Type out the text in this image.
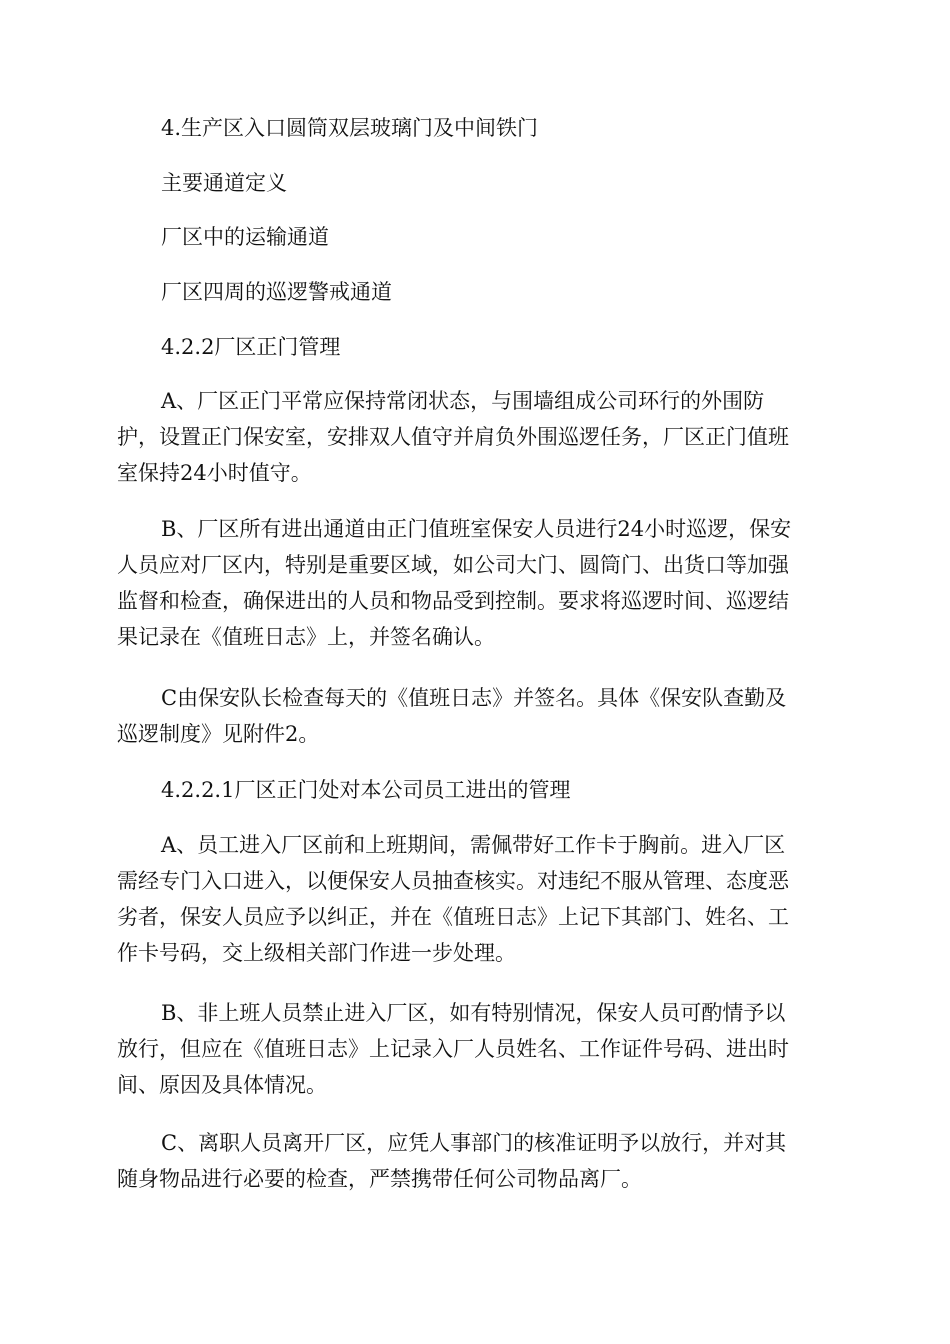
4.生产区入口圆筒双层玻璃门及中间铁门

主要通道定义

厂区中的运输通道

厂区四周的巡逻警戒通道

4.2.2厂区正门管理

A、厂区正门平常应保持常闭状态，与围墙组成公司环行的外围防
护，设置正门保安室，安排双人值守并肩负外围巡逻任务，厂区正门值班
室保持24小时值守。

B、厂区所有进出通道由正门值班室保安人员进行24小时巡逻，保安
人员应对厂区内，特别是重要区域，如公司大门、圆筒门、出货口等加强
监督和检查，确保进出的人员和物品受到控制。要求将巡逻时间、巡逻结
果记录在《值班日志》上，并签名确认。

C由保安队长检查每天的《值班日志》并签名。具体《保安队查勤及
巡逻制度》见附件2。

4.2.2.1厂区正门处对本公司员工进出的管理

A、员工进入厂区前和上班期间，需佩带好工作卡于胸前。进入厂区
需经专门入口进入，以便保安人员抽查核实。对违纪不服从管理、态度恶
劣者，保安人员应予以纠正，并在《值班日志》上记下其部门、姓名、工
作卡号码，交上级相关部门作进一步处理。

B、非上班人员禁止进入厂区，如有特别情况，保安人员可酌情予以
放行，但应在《值班日志》上记录入厂人员姓名、工作证件号码、进出时
间、原因及具体情况。

C、离职人员离开厂区，应凭人事部门的核准证明予以放行，并对其
随身物品进行必要的检查，严禁携带任何公司物品离厂。
